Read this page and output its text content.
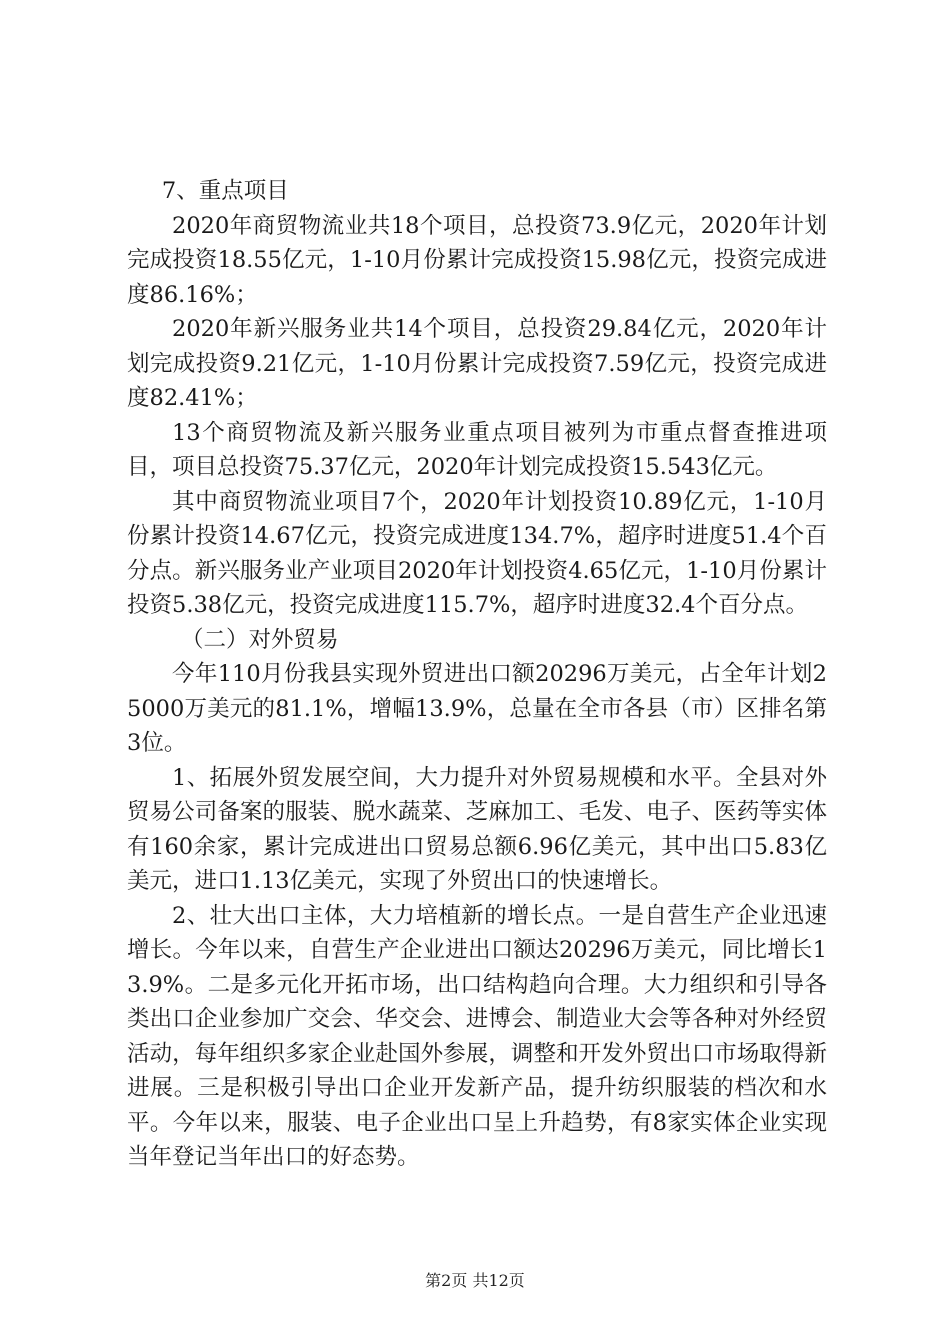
7、重点项目

2020年商贸物流业共18个项目，总投资73.9亿元，2020年计划完成投资18.55亿元，1-10月份累计完成投资15.98亿元，投资完成进度86.16%；

2020年新兴服务业共14个项目，总投资29.84亿元，2020年计划完成投资9.21亿元，1-10月份累计完成投资7.59亿元，投资完成进度82.41%；

13个商贸物流及新兴服务业重点项目被列为市重点督查推进项目，项目总投资75.37亿元，2020年计划完成投资15.543亿元。

其中商贸物流业项目7个，2020年计划投资10.89亿元，1-10月份累计投资14.67亿元，投资完成进度134.7%，超序时进度51.4个百分点。新兴服务业产业项目2020年计划投资4.65亿元，1-10月份累计投资5.38亿元，投资完成进度115.7%，超序时进度32.4个百分点。

（二）对外贸易

今年110月份我县实现外贸进出口额20296万美元，占全年计划25000万美元的81.1%，增幅13.9%，总量在全市各县（市）区排名第3位。

1、拓展外贸发展空间，大力提升对外贸易规模和水平。全县对外贸易公司备案的服装、脱水蔬菜、芝麻加工、毛发、电子、医药等实体有160余家，累计完成进出口贸易总额6.96亿美元，其中出口5.83亿美元，进口1.13亿美元，实现了外贸出口的快速增长。

2、壮大出口主体，大力培植新的增长点。一是自营生产企业迅速增长。今年以来，自营生产企业进出口额达20296万美元，同比增长13.9%。二是多元化开拓市场，出口结构趋向合理。大力组织和引导各类出口企业参加广交会、华交会、进博会、制造业大会等各种对外经贸活动，每年组织多家企业赴国外参展，调整和开发外贸出口市场取得新进展。三是积极引导出口企业开发新产品，提升纺织服装的档次和水平。今年以来，服装、电子企业出口呈上升趋势，有8家实体企业实现当年登记当年出口的好态势。

第2页 共12页
